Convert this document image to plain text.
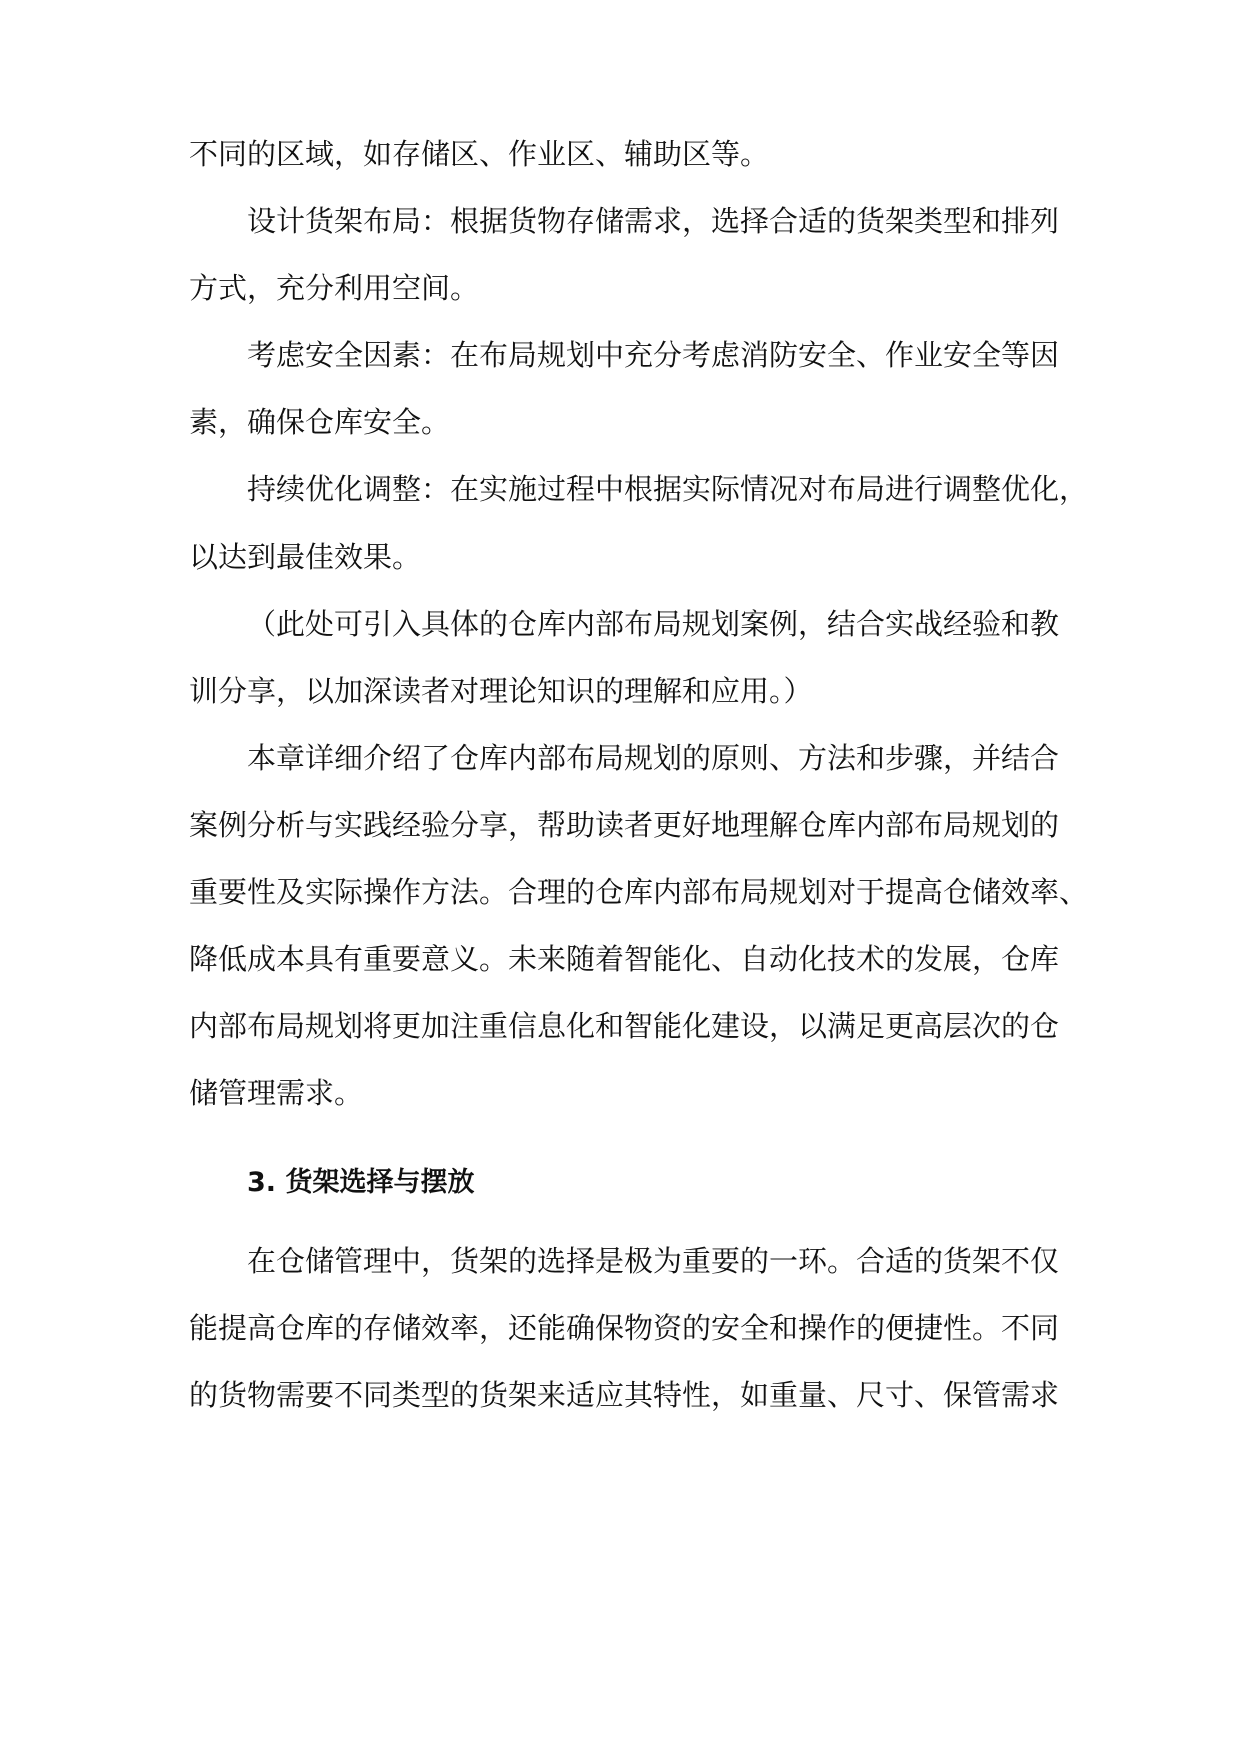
不同的区域，如存储区、作业区、辅助区等。
设计货架布局：根据货物存储需求，选择合适的货架类型和排列
方式，充分利用空间。
考虑安全因素：在布局规划中充分考虑消防安全、作业安全等因
素，确保仓库安全。
持续优化调整：在实施过程中根据实际情况对布局进行调整优化，
以达到最佳效果。
（此处可引入具体的仓库内部布局规划案例，结合实战经验和教
训分享，以加深读者对理论知识的理解和应用。）
本章详细介绍了仓库内部布局规划的原则、方法和步骤，并结合
案例分析与实践经验分享，帮助读者更好地理解仓库内部布局规划的
重要性及实际操作方法。合理的仓库内部布局规划对于提高仓储效率、
降低成本具有重要意义。未来随着智能化、自动化技术的发展，仓库
内部布局规划将更加注重信息化和智能化建设，以满足更高层次的仓
储管理需求。
3. 货架选择与摆放
在仓储管理中，货架的选择是极为重要的一环。合适的货架不仅
能提高仓库的存储效率，还能确保物资的安全和操作的便捷性。不同
的货物需要不同类型的货架来适应其特性，如重量、尺寸、保管需求
